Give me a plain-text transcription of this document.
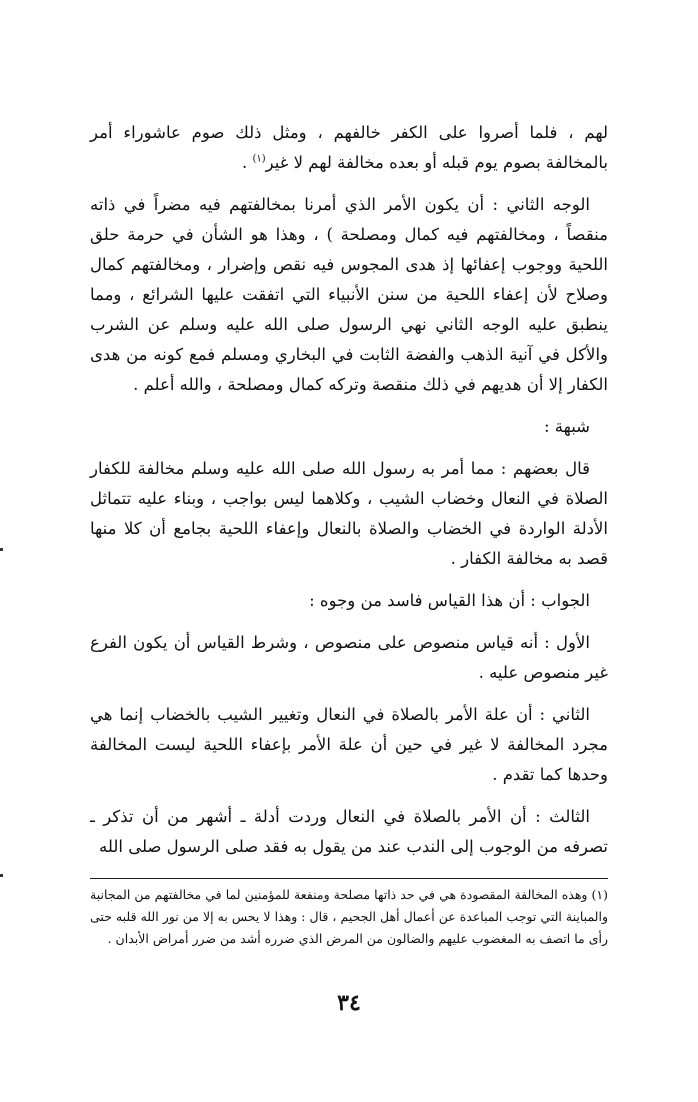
لهم ، فلما أصروا على الكفر خالفهم ، ومثل ذلك صوم عاشوراء أمر بالمخالفة بصوم يوم قبله أو بعده مخالفة لهم لا غير$^{(١)}$ .

الوجه الثاني : أن يكون الأمر الذي أمرنا بمخالفتهم فيه مضراً في ذاته منقصاً ، ومخالفتهم فيه كمال ومصلحة ) ، وهذا هو الشأن في حرمة حلق اللحية ووجوب إعفائها إذ هدى المجوس فيه نقص وإضرار ، ومخالفتهم كمال وصلاح لأن إعفاء اللحية من سنن الأنبياء التي اتفقت عليها الشرائع ، ومما ينطبق عليه الوجه الثاني نهي الرسول صلى الله عليه وسلم عن الشرب والأكل في آنية الذهب والفضة الثابت في البخاري ومسلم فمع كونه من هدى الكفار إلا أن هديهم في ذلك منقصة وتركه كمال ومصلحة ، والله أعلم .

شبهة :

قال بعضهم : مما أمر به رسول الله صلى الله عليه وسلم مخالفة للكفار الصلاة في النعال وخضاب الشيب ، وكلاهما ليس بواجب ، وبناء عليه تتماثل الأدلة الواردة في الخضاب والصلاة بالنعال وإعفاء اللحية بجامع أن كلا منها قصد به مخالفة الكفار .

الجواب : أن هذا القياس فاسد من وجوه :

الأول : أنه قياس منصوص على منصوص ، وشرط القياس أن يكون الفرع غير منصوص عليه .

الثاني : أن علة الأمر بالصلاة في النعال وتغيير الشيب بالخضاب إنما هي مجرد المخالفة لا غير في حين أن علة الأمر بإعفاء اللحية ليست المخالفة وحدها كما تقدم .

الثالث : أن الأمر بالصلاة في النعال وردت أدلة ـ أشهر من أن تذكر ـ تصرفه من الوجوب إلى الندب عند من يقول به فقد صلى الرسول صلى الله

(١) وهذه المخالفة المقصودة هي في حد ذاتها مصلحة ومنفعة للمؤمنين لما في مخالفتهم من المجانبة والمباينة التي توجب المباعدة عن أعمال أهل الجحيم ، قال : وهذا لا يحس به إلا من نور الله قلبه حتى رأى ما اتصف به المغضوب عليهم والضالون من المرض الذي ضرره أشد من ضرر أمراض الأبدان .

٣٤
